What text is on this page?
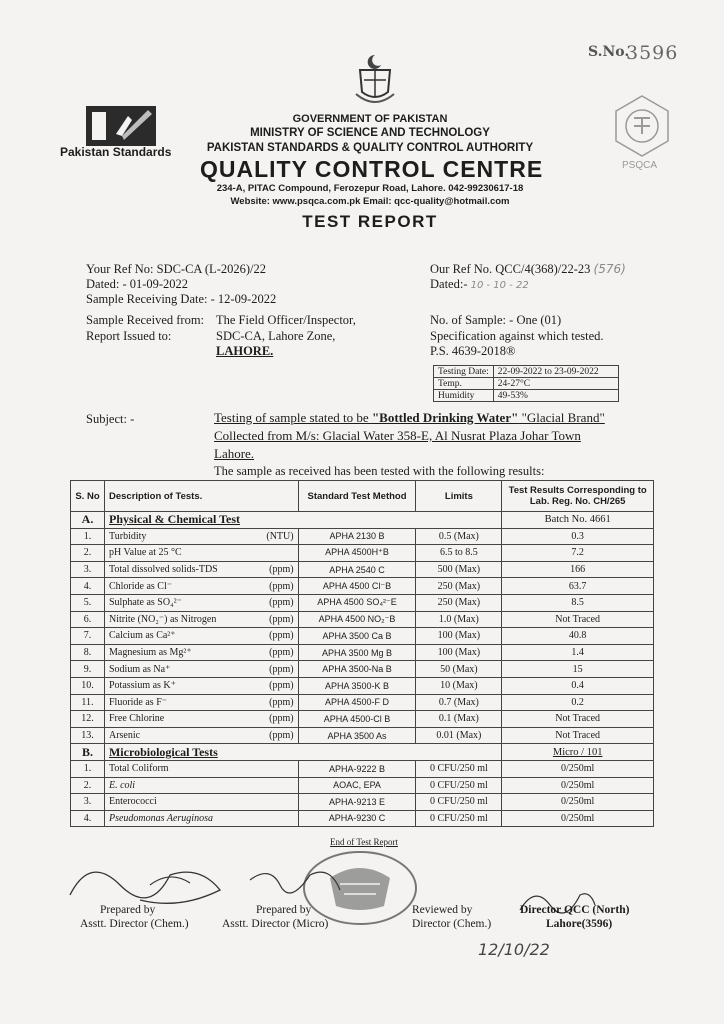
S.No.
3596
Pakistan Standards
PSQCA
GOVERNMENT OF PAKISTAN
MINISTRY OF SCIENCE AND TECHNOLOGY
PAKISTAN STANDARDS & QUALITY CONTROL AUTHORITY
QUALITY CONTROL CENTRE
234-A, PITAC Compound, Ferozepur Road, Lahore. 042-99230617-18
Website: www.psqca.com.pk Email: qcc-quality@hotmail.com
TEST REPORT
Your Ref No: SDC-CA (L-2026)/22
Dated: - 01-09-2022
Sample Receiving Date: - 12-09-2022
Sample Received from: The Field Officer/Inspector,
Report Issued to:	SDC-CA, Lahore Zone,
LAHORE.
Our Ref No. QCC/4(368)/22-23 (576)
Dated:- 10 - 10 - 22
No. of Sample: - One (01)
Specification against which tested.
P.S. 4639-2018®
Testing Date:	22-09-2022 to 23-09-2022
Temp.	24-27°C
Humidity	49-53%
Subject: -	Testing of sample stated to be "Bottled Drinking Water" "Glacial Brand"
Collected from M/s: Glacial Water 358-E, Al Nusrat Plaza Johar Town
Lahore.
The sample as received has been tested with the following results:
S. No	Description of Tests.	Standard Test Method	Limits	Test Results Corresponding to Lab. Reg. No. CH/265
A.	Physical & Chemical Test			Batch No. 4661
1.	Turbidity (NTU)	APHA 2130 B	0.5 (Max)	0.3
2.	pH Value at 25 °C	APHA 4500H⁺B	6.5 to 8.5	7.2
3.	Total dissolved solids-TDS (ppm)	APHA 2540 C	500 (Max)	166
4.	Chloride as Cl⁻ (ppm)	APHA 4500 Cl⁻B	250 (Max)	63.7
5.	Sulphate as SO₄²⁻ (ppm)	APHA 4500 SO₄²⁻E	250 (Max)	8.5
6.	Nitrite (NO₂⁻) as Nitrogen (ppm)	APHA 4500 NO₂⁻B	1.0 (Max)	Not Traced
7.	Calcium as Ca²⁺ (ppm)	APHA 3500 Ca B	100 (Max)	40.8
8.	Magnesium as Mg²⁺ (ppm)	APHA 3500 Mg B	100 (Max)	1.4
9.	Sodium as Na⁺ (ppm)	APHA 3500-Na B	50 (Max)	15
10.	Potassium as K⁺ (ppm)	APHA 3500-K B	10 (Max)	0.4
11.	Fluoride as F⁻ (ppm)	APHA 4500-F D	0.7 (Max)	0.2
12.	Free Chlorine (ppm)	APHA 4500-Cl B	0.1 (Max)	Not Traced
13.	Arsenic (ppm)	APHA 3500 As	0.01 (Max)	Not Traced
B.	Microbiological Tests			Micro / 101
1.	Total Coliform	APHA-9222 B	0 CFU/250 ml	0/250ml
2.	E. coli	AOAC, EPA	0 CFU/250 ml	0/250ml
3.	Enterococci	APHA-9213 E	0 CFU/250 ml	0/250ml
4.	Pseudomonas Aeruginosa	APHA-9230 C	0 CFU/250 ml	0/250ml
End of Test Report
Prepared by
Asstt. Director (Chem.)
Prepared by
Asstt. Director (Micro)
Reviewed by
Director (Chem.)
Director QCC (North)
Lahore(3596)
12/10/22
